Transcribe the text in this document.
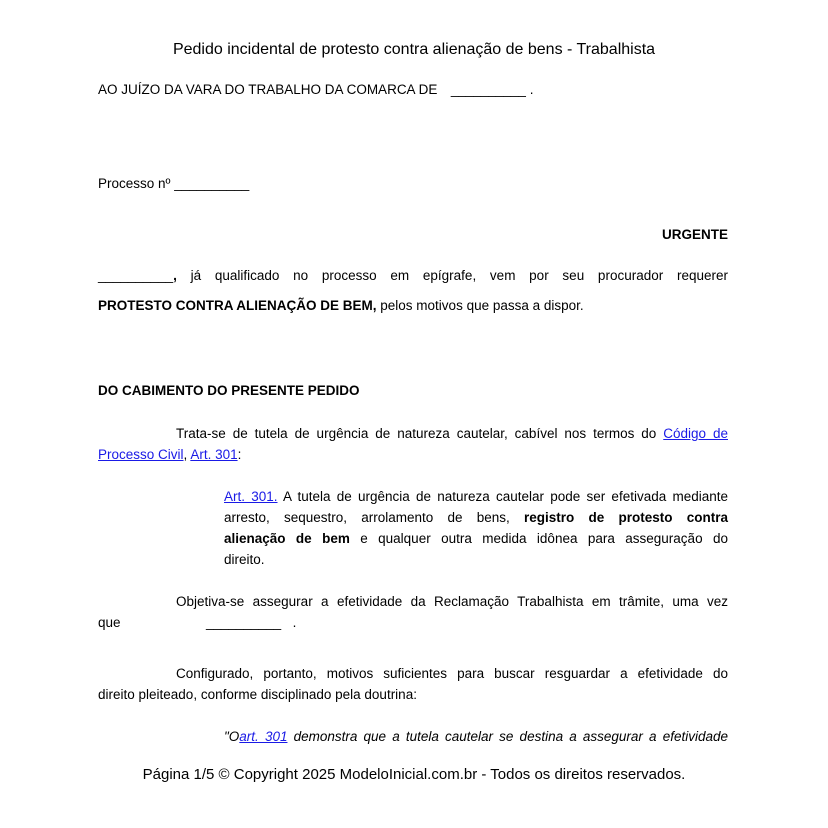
Pedido incidental de protesto contra alienação de bens - Trabalhista
AO JUÍZO DA VARA DO TRABALHO DA COMARCA DE __________ .
Processo nº __________
URGENTE
__________, já qualificado no processo em epígrafe, vem por seu procurador requerer
PROTESTO CONTRA ALIENAÇÃO DE BEM, pelos motivos que passa a dispor.
DO CABIMENTO DO PRESENTE PEDIDO
Trata-se de tutela de urgência de natureza cautelar, cabível nos termos do Código de
Processo Civil, Art. 301:
Art. 301. A tutela de urgência de natureza cautelar pode ser efetivada mediante
arresto, sequestro, arrolamento de bens, registro de protesto contra
alienação de bem e qualquer outra medida idônea para asseguração do
direito.
Objetiva-se assegurar a efetividade da Reclamação Trabalhista em trâmite, uma vez
que	__________ .
Configurado, portanto, motivos suficientes para buscar resguardar a efetividade do
direito pleiteado, conforme disciplinado pela doutrina:
"Oart. 301 demonstra que a tutela cautelar se destina a assegurar a efetividade
Página 1/5 © Copyright 2025 ModeloInicial.com.br - Todos os direitos reservados.
